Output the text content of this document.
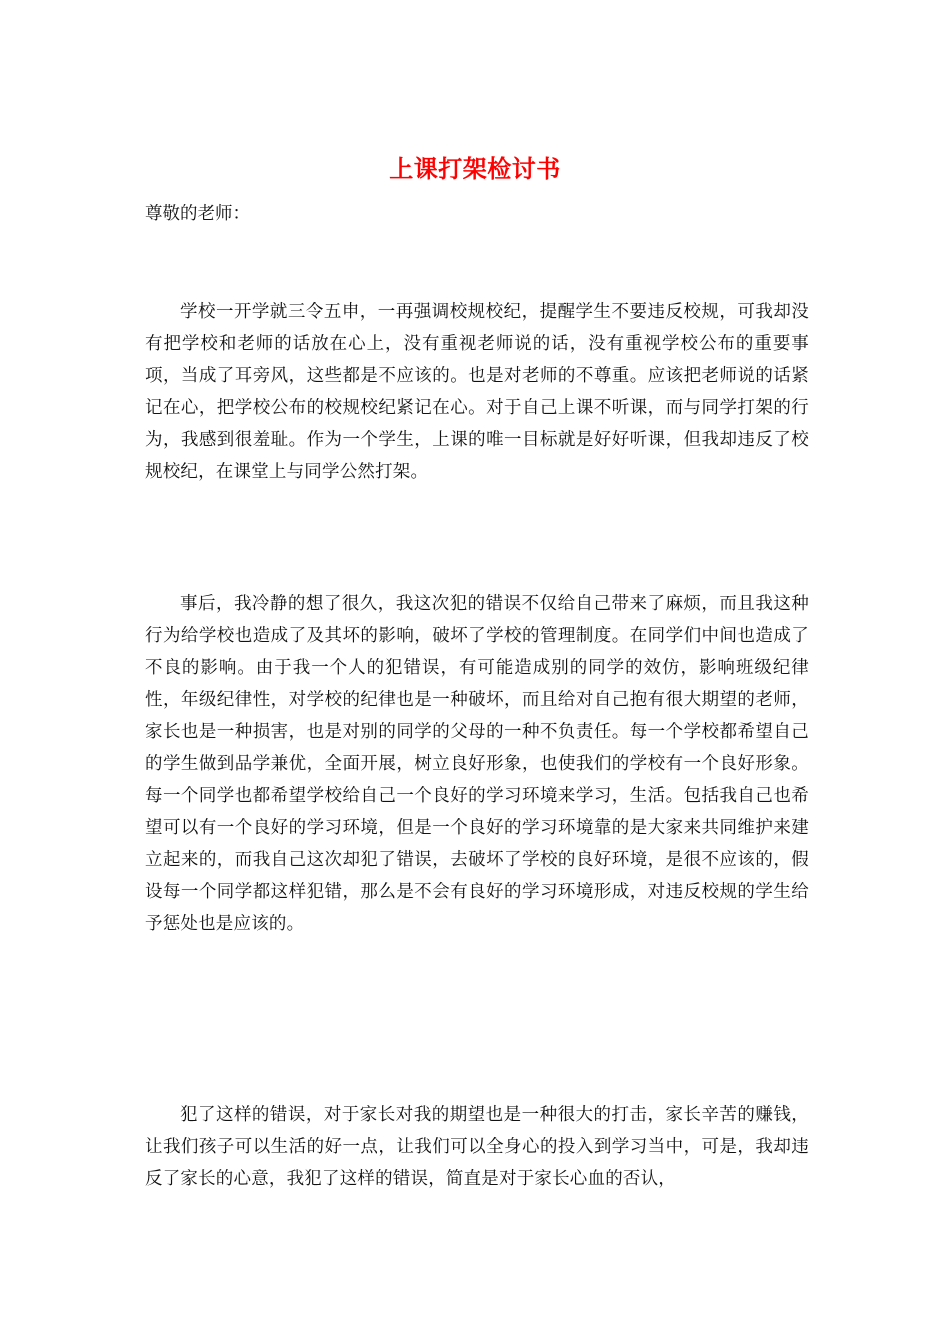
上课打架检讨书
尊敬的老师：

学校一开学就三令五申，一再强调校规校纪，提醒学生不要违反校规，可我却没有把学校和老师的话放在心上，没有重视老师说的话，没有重视学校公布的重要事项，当成了耳旁风，这些都是不应该的。也是对老师的不尊重。应该把老师说的话紧记在心，把学校公布的校规校纪紧记在心。对于自己上课不听课，而与同学打架的行为，我感到很羞耻。作为一个学生，上课的唯一目标就是好好听课，但我却违反了校规校纪，在课堂上与同学公然打架。

事后，我冷静的想了很久，我这次犯的错误不仅给自己带来了麻烦，而且我这种行为给学校也造成了及其坏的影响，破坏了学校的管理制度。在同学们中间也造成了不良的影响。由于我一个人的犯错误，有可能造成别的同学的效仿，影响班级纪律性，年级纪律性，对学校的纪律也是一种破坏，而且给对自己抱有很大期望的老师，家长也是一种损害，也是对别的同学的父母的一种不负责任。每一个学校都希望自己的学生做到品学兼优，全面开展，树立良好形象，也使我们的学校有一个良好形象。每一个同学也都希望学校给自己一个良好的学习环境来学习，生活。包括我自己也希望可以有一个良好的学习环境，但是一个良好的学习环境靠的是大家来共同维护来建立起来的，而我自己这次却犯了错误，去破坏了学校的良好环境，是很不应该的，假设每一个同学都这样犯错，那么是不会有良好的学习环境形成，对违反校规的学生给予惩处也是应该的。

犯了这样的错误，对于家长对我的期望也是一种很大的打击，家长辛苦的赚钱，让我们孩子可以生活的好一点，让我们可以全身心的投入到学习当中，可是，我却违反了家长的心意，我犯了这样的错误，简直是对于家长心血的否认，
